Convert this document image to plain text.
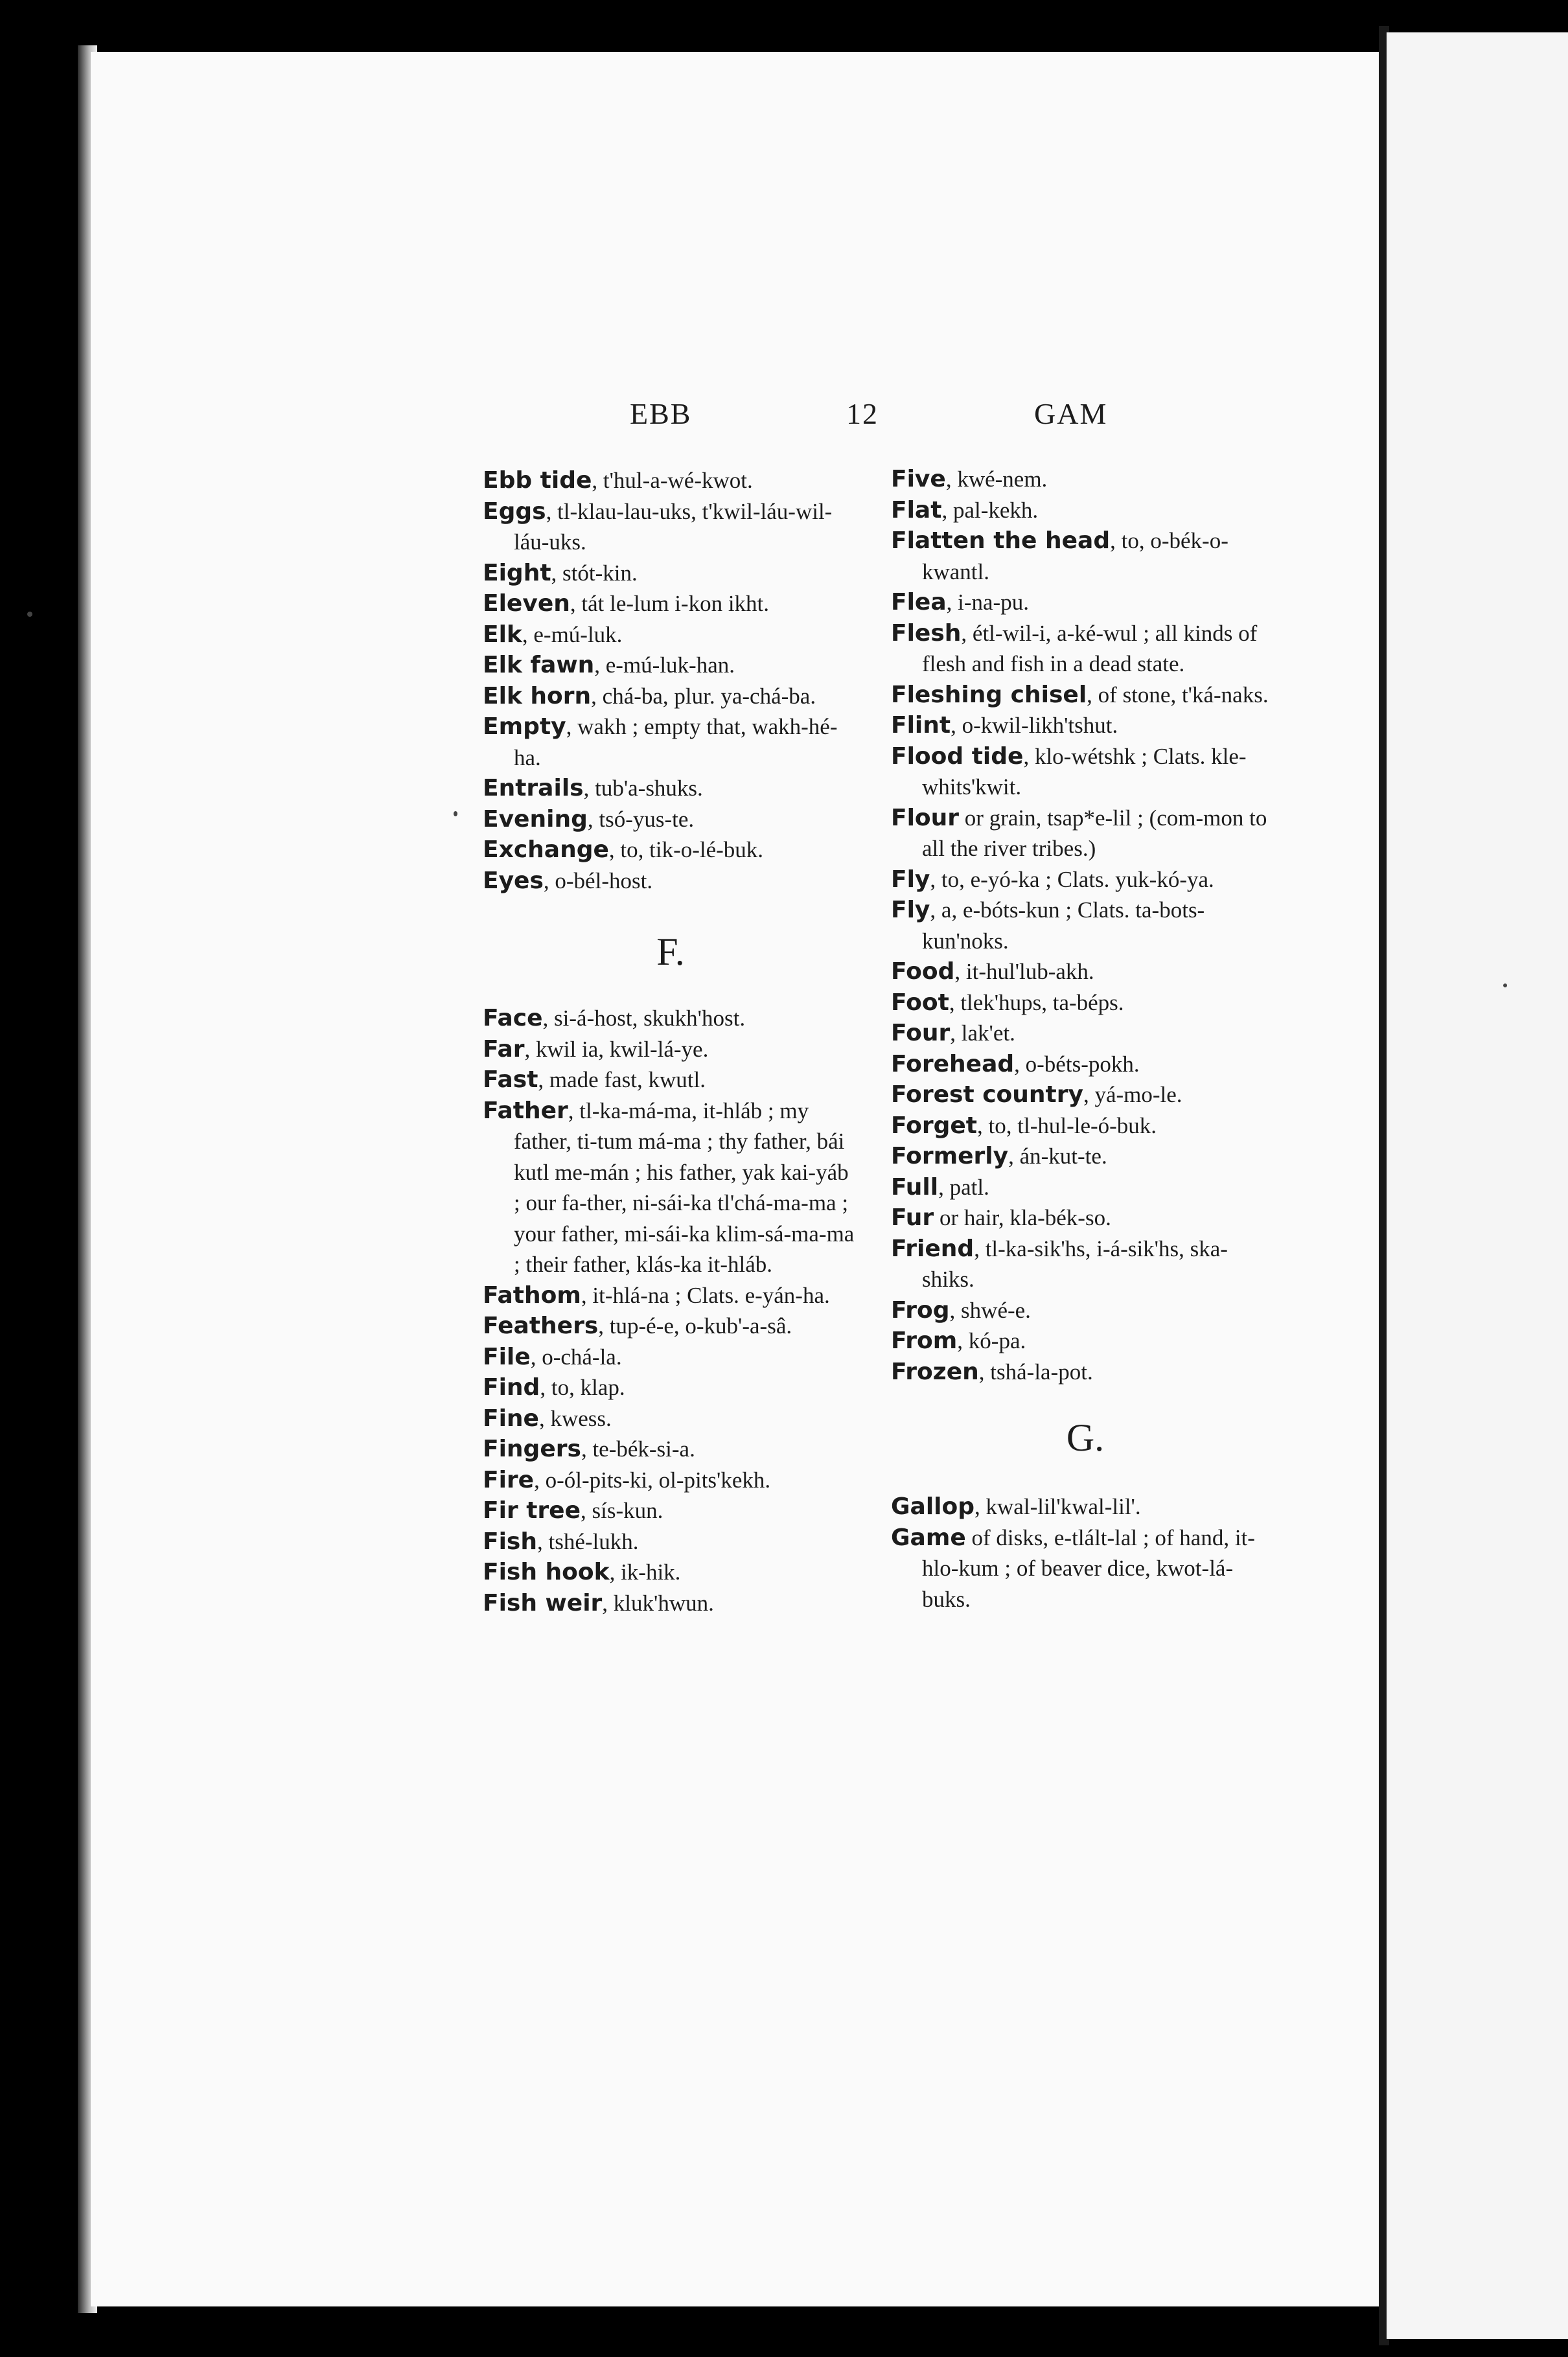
EBB	12	GAM

Ebb tide, t'hul-a-wé-kwot.

Eggs, tl-klau-lau-uks, t'kwil-láu-wil-láu-uks.

Eight, stót-kin.

Eleven, tát le-lum i-kon ikht.

Elk, e-mú-luk.

Elk fawn, e-mú-luk-han.

Elk horn, chá-ba, plur. ya-chá-ba.

Empty, wakh ; empty that, wakh-hé-ha.

Entrails, tub'a-shuks.

Evening, tsó-yus-te.

Exchange, to, tik-o-lé-buk.

Eyes, o-bél-host.

F.

Face, si-á-host, skukh'host.

Far, kwil ia, kwil-lá-ye.

Fast, made fast, kwutl.

Father, tl-ka-má-ma, it-hláb ; my father, ti-tum má-ma ; thy father, bái kutl me-mán ; his father, yak kai-yáb ; our fa-ther, ni-sái-ka tl'chá-ma-ma ; your father, mi-sái-ka klim-sá-ma-ma ; their father, klás-ka it-hláb.

Fathom, it-hlá-na ; Clats. e-yán-ha.

Feathers, tup-é-e, o-kub'-a-sâ.

File, o-chá-la.

Find, to, klap.

Fine, kwess.

Fingers, te-bék-si-a.

Fire, o-ól-pits-ki, ol-pits'kekh.

Fir tree, sís-kun.

Fish, tshé-lukh.

Fish hook, ik-hik.

Fish weir, kluk'hwun.

Five, kwé-nem.

Flat, pal-kekh.

Flatten the head, to, o-bék-o-kwantl.

Flea, i-na-pu.

Flesh, étl-wil-i, a-ké-wul ; all kinds of flesh and fish in a dead state.

Fleshing chisel, of stone, t'ká-naks.

Flint, o-kwil-likh'tshut.

Flood tide, klo-wétshk ; Clats. kle-whits'kwit.

Flour or grain, tsap*e-lil ; (com-mon to all the river tribes.)

Fly, to, e-yó-ka ; Clats. yuk-kó-ya.

Fly, a, e-bóts-kun ; Clats. ta-bots-kun'noks.

Food, it-hul'lub-akh.

Foot, tlek'hups, ta-béps.

Four, lak'et.

Forehead, o-béts-pokh.

Forest country, yá-mo-le.

Forget, to, tl-hul-le-ó-buk.

Formerly, án-kut-te.

Full, patl.

Fur or hair, kla-bék-so.

Friend, tl-ka-sik'hs, i-á-sik'hs, ska-shiks.

Frog, shwé-e.

From, kó-pa.

Frozen, tshá-la-pot.

G.

Gallop, kwal-lil'kwal-lil'.

Game of disks, e-tlált-lal ; of hand, it-hlo-kum ; of beaver dice, kwot-lá-buks.
